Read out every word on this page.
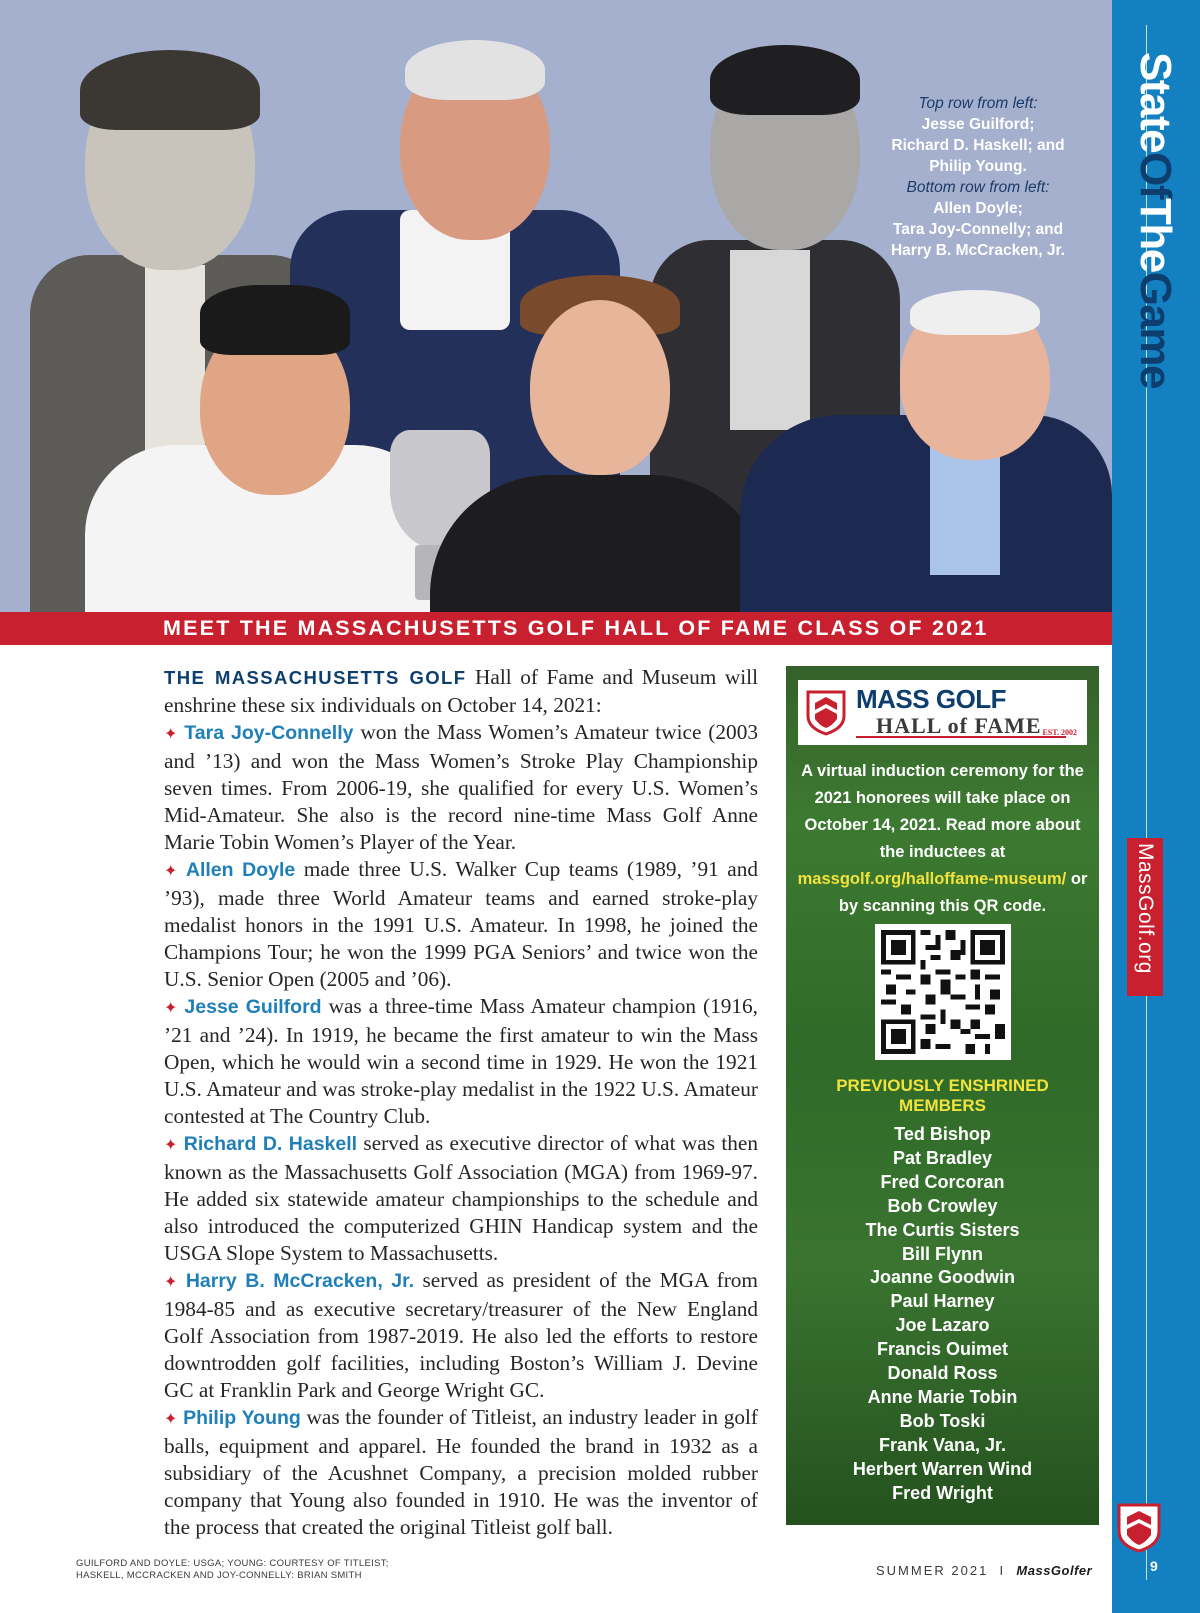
Top row from left:
Jesse Guilford;
Richard D. Haskell; and
Philip Young.
Bottom row from left:
Allen Doyle;
Tara Joy-Connelly; and
Harry B. McCracken, Jr.
MEET THE MASSACHUSETTS GOLF HALL OF FAME CLASS OF 2021
StateOfTheGame
MassGolf.org
9

THE MASSACHUSETTS GOLF Hall of Fame and Museum will enshrine these six individuals on October 14, 2021:

✦ Tara Joy-Connelly won the Mass Women’s Amateur twice (2003 and ’13) and won the Mass Women’s Stroke Play Championship seven times. From 2006-19, she qualified for every U.S. Women’s Mid-Amateur. She also is the record nine-time Mass Golf Anne Marie Tobin Women’s Player of the Year.

✦ Allen Doyle made three U.S. Walker Cup teams (1989, ’91 and ’93), made three World Amateur teams and earned stroke-play medalist honors in the 1991 U.S. Amateur. In 1998, he joined the Champions Tour; he won the 1999 PGA Seniors’ and twice won the U.S. Senior Open (2005 and ’06).

✦ Jesse Guilford was a three-time Mass Amateur champion (1916, ’21 and ’24). In 1919, he became the first amateur to win the Mass Open, which he would win a second time in 1929. He won the 1921 U.S. Amateur and was stroke-play medalist in the 1922 U.S. Amateur contested at The Country Club.

✦ Richard D. Haskell served as executive director of what was then known as the Massachusetts Golf Association (MGA) from 1969-97. He added six statewide amateur championships to the schedule and also introduced the computerized GHIN Handicap system and the USGA Slope System to Massachusetts.

✦ Harry B. McCracken, Jr. served as president of the MGA from 1984-85 and as executive secretary/treasurer of the New England Golf Association from 1987-2019. He also led the efforts to restore downtrodden golf facilities, including Boston’s William J. Devine GC at Franklin Park and George Wright GC.

✦ Philip Young was the founder of Titleist, an industry leader in golf balls, equipment and apparel. He founded the brand in 1932 as a subsidiary of the Acushnet Company, a precision molded rubber company that Young also founded in 1910. He was the inventor of the process that created the original Titleist golf ball.

MASS GOLF
HALL of FAME EST. 2002
A virtual induction ceremony for the 2021 honorees will take place on October 14, 2021. Read more about the inductees at massgolf.org/halloffame-museum/ or by scanning this QR code.
PREVIOUSLY ENSHRINED MEMBERS
Ted Bishop
Pat Bradley
Fred Corcoran
Bob Crowley
The Curtis Sisters
Bill Flynn
Joanne Goodwin
Paul Harney
Joe Lazaro
Francis Ouimet
Donald Ross
Anne Marie Tobin
Bob Toski
Frank Vana, Jr.
Herbert Warren Wind
Fred Wright
GUILFORD AND DOYLE: USGA; YOUNG: COURTESY OF TITLEIST;
HASKELL, MCCRACKEN AND JOY-CONNELLY: BRIAN SMITH	SUMMER 2021 I MassGolfer
